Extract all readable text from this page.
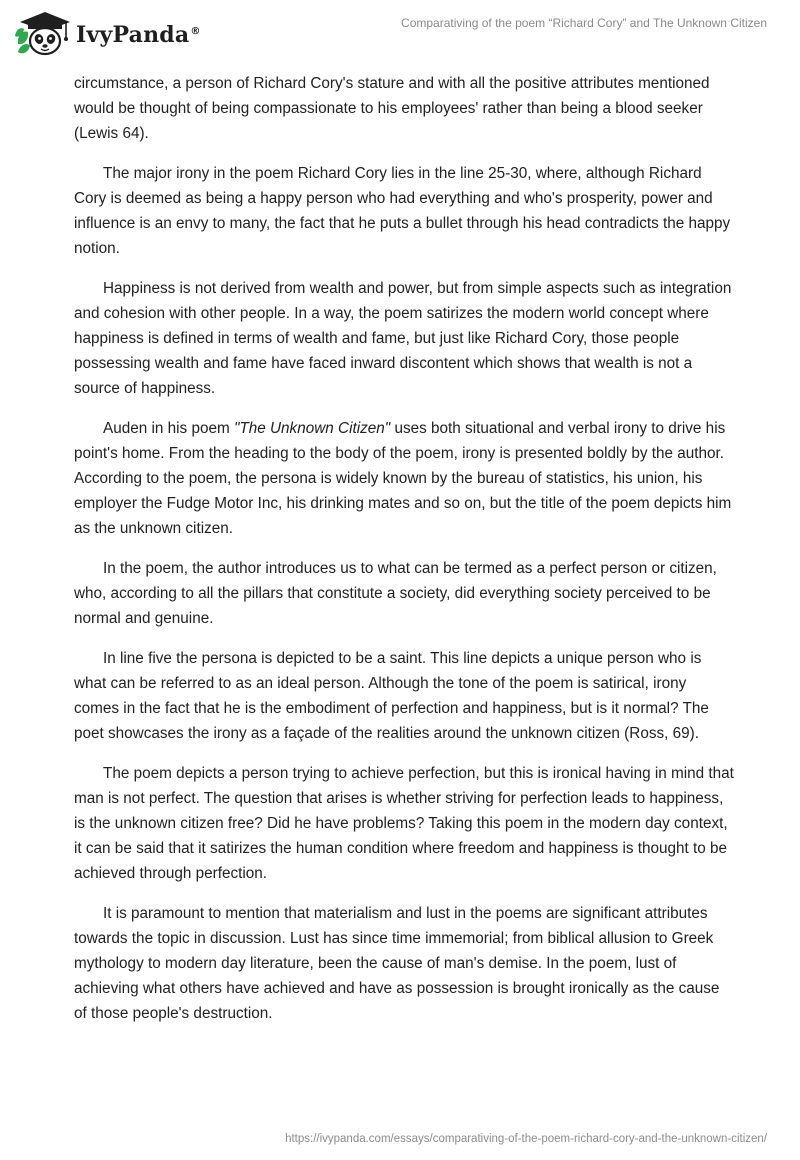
IvyPanda®
Comparativing of the poem “Richard Cory” and The Unknown Citizen

circumstance, a person of Richard Cory's stature and with all the positive attributes mentioned would be thought of being compassionate to his employees' rather than being a blood seeker (Lewis 64).

The major irony in the poem Richard Cory lies in the line 25-30, where, although Richard Cory is deemed as being a happy person who had everything and who's prosperity, power and influence is an envy to many, the fact that he puts a bullet through his head contradicts the happy notion.

Happiness is not derived from wealth and power, but from simple aspects such as integration and cohesion with other people. In a way, the poem satirizes the modern world concept where happiness is defined in terms of wealth and fame, but just like Richard Cory, those people possessing wealth and fame have faced inward discontent which shows that wealth is not a source of happiness.

Auden in his poem "The Unknown Citizen" uses both situational and verbal irony to drive his point's home. From the heading to the body of the poem, irony is presented boldly by the author. According to the poem, the persona is widely known by the bureau of statistics, his union, his employer the Fudge Motor Inc, his drinking mates and so on, but the title of the poem depicts him as the unknown citizen.

In the poem, the author introduces us to what can be termed as a perfect person or citizen, who, according to all the pillars that constitute a society, did everything society perceived to be normal and genuine.

In line five the persona is depicted to be a saint. This line depicts a unique person who is what can be referred to as an ideal person. Although the tone of the poem is satirical, irony comes in the fact that he is the embodiment of perfection and happiness, but is it normal? The poet showcases the irony as a façade of the realities around the unknown citizen (Ross, 69).

The poem depicts a person trying to achieve perfection, but this is ironical having in mind that man is not perfect. The question that arises is whether striving for perfection leads to happiness, is the unknown citizen free? Did he have problems? Taking this poem in the modern day context, it can be said that it satirizes the human condition where freedom and happiness is thought to be achieved through perfection.

It is paramount to mention that materialism and lust in the poems are significant attributes towards the topic in discussion. Lust has since time immemorial; from biblical allusion to Greek mythology to modern day literature, been the cause of man's demise. In the poem, lust of achieving what others have achieved and have as possession is brought ironically as the cause of those people's destruction.

https://ivypanda.com/essays/comparativing-of-the-poem-richard-cory-and-the-unknown-citizen/
